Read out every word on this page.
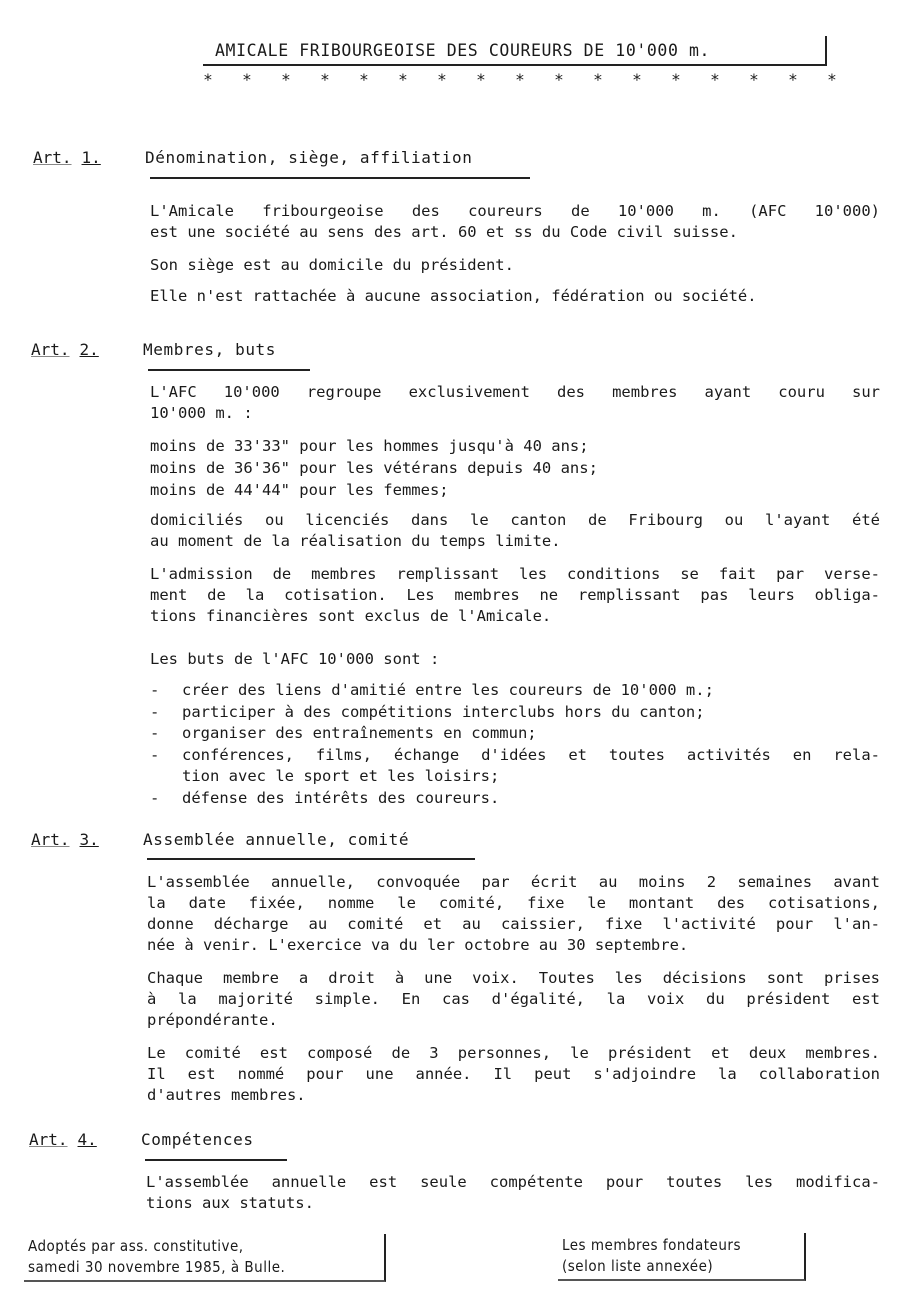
AMICALE FRIBOURGEOISE DES COUREURS DE 10'000 m.
* * * * * * * * * * * * * * * * *
Art. 1.	Dénomination, siège, affiliation
L'Amicale fribourgeoise des coureurs de 10'000 m. (AFC 10'000)
est une société au sens des art. 60 et ss du Code civil suisse.
Son siège est au domicile du président.
Elle n'est rattachée à aucune association, fédération ou société.
Art. 2.	Membres, buts
L'AFC 10'000 regroupe exclusivement des membres ayant couru sur
10'000 m. :
moins de 33'33" pour les hommes jusqu'à 40 ans;
moins de 36'36" pour les vétérans depuis 40 ans;
moins de 44'44" pour les femmes;
domiciliés ou licenciés dans le canton de Fribourg ou l'ayant été
au moment de la réalisation du temps limite.
L'admission de membres remplissant les conditions se fait par verse-
ment de la cotisation. Les membres ne remplissant pas leurs obliga-
tions financières sont exclus de l'Amicale.
Les buts de l'AFC 10'000 sont :
- créer des liens d'amitié entre les coureurs de 10'000 m.;
- participer à des compétitions interclubs hors du canton;
- organiser des entraînements en commun;
- conférences, films, échange d'idées et toutes activités en rela-
tion avec le sport et les loisirs;
- défense des intérêts des coureurs.
Art. 3.	Assemblée annuelle, comité
L'assemblée annuelle, convoquée par écrit au moins 2 semaines avant
la date fixée, nomme le comité, fixe le montant des cotisations,
donne décharge au comité et au caissier, fixe l'activité pour l'an-
née à venir. L'exercice va du ler octobre au 30 septembre.
Chaque membre a droit à une voix. Toutes les décisions sont prises
à la majorité simple. En cas d'égalité, la voix du président est
prépondérante.
Le comité est composé de 3 personnes, le président et deux membres.
Il est nommé pour une année. Il peut s'adjoindre la collaboration
d'autres membres.
Art. 4.	Compétences
L'assemblée annuelle est seule compétente pour toutes les modifica-
tions aux statuts.
Adoptés par ass. constitutive,
samedi 30 novembre 1985, à Bulle.
Les membres fondateurs
(selon liste annexée)
